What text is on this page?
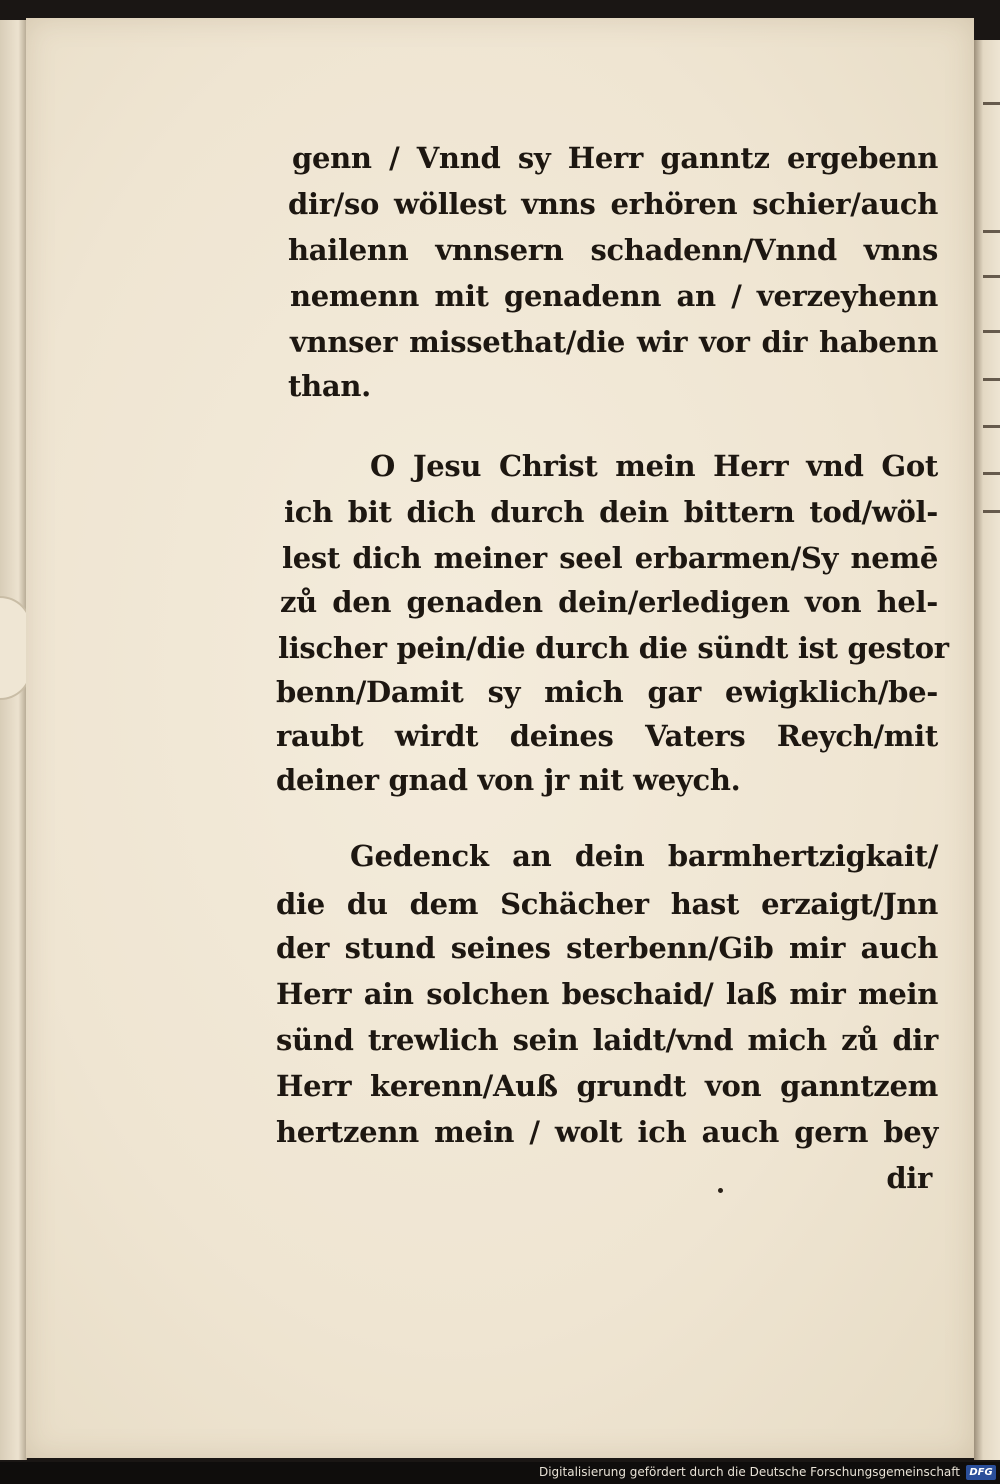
genn / Vnnd sy Herr ganntz ergebenn
dir/so wöllest vnns erhören schier/auch
hailenn vnnsern schadenn/Vnnd vnns
nemenn mit genadenn an / verzeyhenn
vnnser missethat/die wir vor dir habenn
than.
O Jesu Christ mein Herr vnd Got
ich bit dich durch dein bittern tod/wöl-
lest dich meiner seel erbarmen/Sy nemē
zů den genaden dein/erledigen von hel-
lischer pein/die durch die sündt ist gestor
benn/Damit sy mich gar ewigklich/be-
raubt wirdt deines Vaters Reych/mit
deiner gnad von jr nit weych.
Gedenck an dein barmhertzigkait/
die du dem Schächer hast erzaigt/Jnn
der stund seines sterbenn/Gib mir auch
Herr ain solchen beschaid/ laß mir mein
sünd trewlich sein laidt/vnd mich zů dir
Herr kerenn/Auß grundt von ganntzem
hertzenn mein / wolt ich auch gern bey
dir
Digitalisierung gefördert durch die Deutsche Forschungsgemeinschaft DFG
